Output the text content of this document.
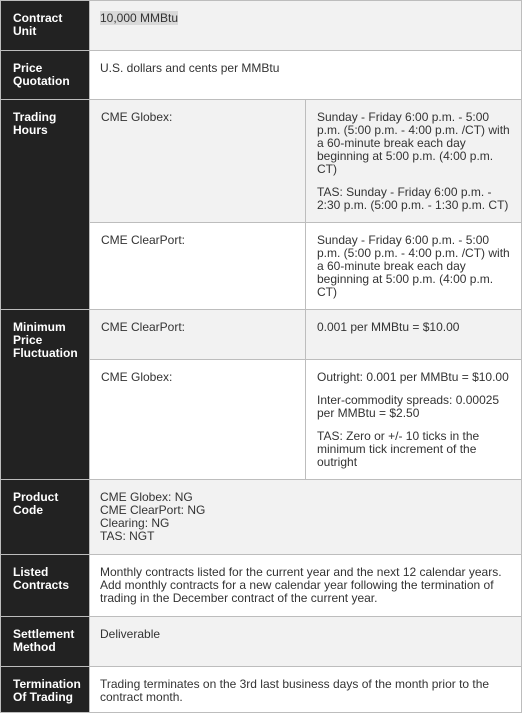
Contract Unit	10,000 MMBtu	
Price Quotation	U.S. dollars and cents per MMBtu	
Trading Hours	CME Globex:	Sunday - Friday 6:00 p.m. - 5:00 p.m. (5:00 p.m. - 4:00 p.m. /CT) with a 60-minute break each day beginning at 5:00 p.m. (4:00 p.m. CT)

TAS: Sunday - Friday 6:00 p.m. - 2:30 p.m. (5:00 p.m. - 1:30 p.m. CT)

	CME ClearPort:	Sunday - Friday 6:00 p.m. - 5:00 p.m. (5:00 p.m. - 4:00 p.m. /CT) with a 60-minute break each day beginning at 5:00 p.m. (4:00 p.m. CT)

Minimum Price Fluctuation	CME ClearPort:	0.001 per MMBtu = $10.00

	CME Globex:	Outright: 0.001 per MMBtu = $10.00

Inter-commodity spreads: 0.00025 per MMBtu = $2.50

TAS: Zero or +/- 10 ticks in the minimum tick increment of the outright

Product Code	CME Globex: NG
CME ClearPort: NG
Clearing: NG
TAS: NGT	

Listed Contracts	Monthly contracts listed for the current year and the next 12 calendar years. Add monthly contracts for a new calendar year following the termination of trading in the December contract of the current year.	
Settlement Method	Deliverable	
Termination Of Trading	Trading terminates on the 3rd last business days of the month prior to the contract month.	
